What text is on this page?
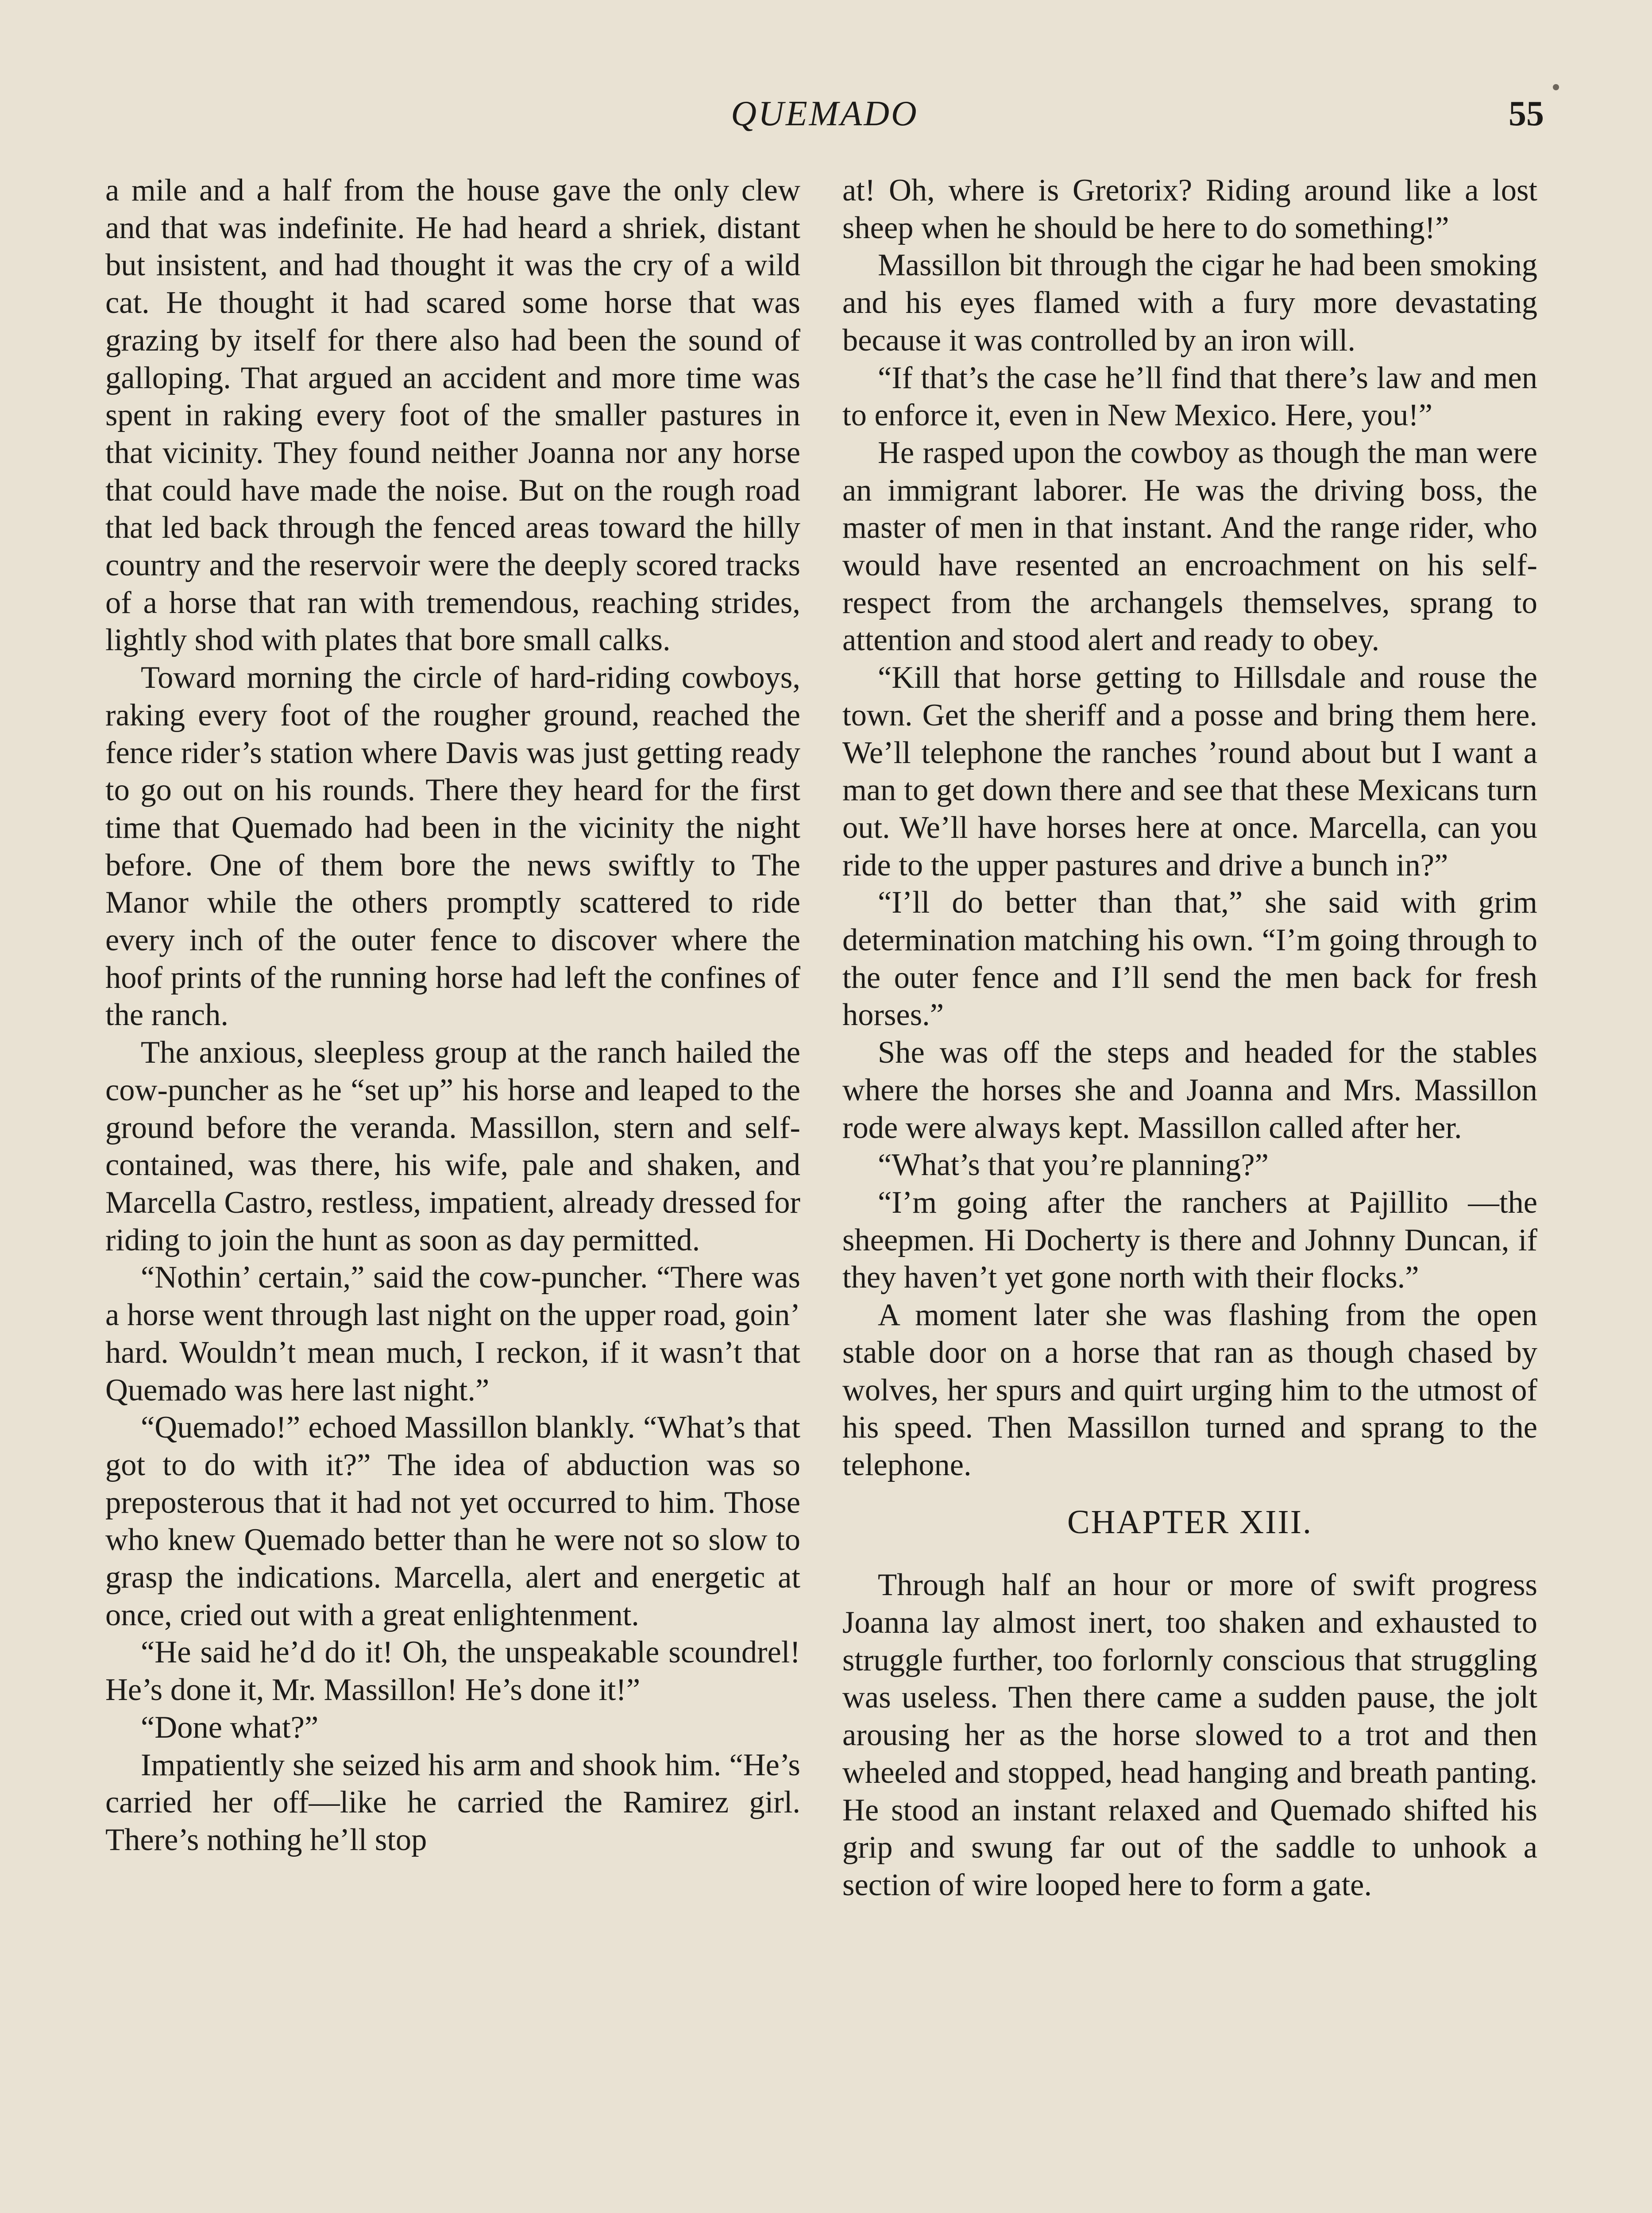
QUEMADO	55

a mile and a half from the house gave the only clew and that was indefinite. He had heard a shriek, distant but insistent, and had thought it was the cry of a wild cat. He thought it had scared some horse that was grazing by itself for there also had been the sound of galloping. That argued an accident and more time was spent in raking every foot of the smaller pastures in that vicinity. They found neither Joanna nor any horse that could have made the noise. But on the rough road that led back through the fenced areas toward the hilly country and the reservoir were the deeply scored tracks of a horse that ran with tremendous, reaching strides, lightly shod with plates that bore small calks.

Toward morning the circle of hard-riding cowboys, raking every foot of the rougher ground, reached the fence rider’s station where Davis was just getting ready to go out on his rounds. There they heard for the first time that Quemado had been in the vicinity the night before. One of them bore the news swiftly to The Manor while the others promptly scattered to ride every inch of the outer fence to discover where the hoof prints of the running horse had left the confines of the ranch.

The anxious, sleepless group at the ranch hailed the cow-puncher as he “set up” his horse and leaped to the ground before the veranda. Massillon, stern and self-contained, was there, his wife, pale and shaken, and Marcella Castro, restless, impatient, already dressed for riding to join the hunt as soon as day permitted.

“Nothin’ certain,” said the cow-puncher. “There was a horse went through last night on the upper road, goin’ hard. Wouldn’t mean much, I reckon, if it wasn’t that Quemado was here last night.”

“Quemado!” echoed Massillon blankly. “What’s that got to do with it?” The idea of abduction was so preposterous that it had not yet occurred to him. Those who knew Quemado better than he were not so slow to grasp the indications. Marcella, alert and energetic at once, cried out with a great enlightenment.

“He said he’d do it! Oh, the unspeakable scoundrel! He’s done it, Mr. Massillon! He’s done it!”

“Done what?”

Impatiently she seized his arm and shook him. “He’s carried her off—like he carried the Ramirez girl. There’s nothing he’ll stop

at! Oh, where is Gretorix? Riding around like a lost sheep when he should be here to do something!”

Massillon bit through the cigar he had been smoking and his eyes flamed with a fury more devastating because it was controlled by an iron will.

“If that’s the case he’ll find that there’s law and men to enforce it, even in New Mexico. Here, you!”

He rasped upon the cowboy as though the man were an immigrant laborer. He was the driving boss, the master of men in that instant. And the range rider, who would have resented an encroachment on his self-respect from the archangels themselves, sprang to attention and stood alert and ready to obey.

“Kill that horse getting to Hillsdale and rouse the town. Get the sheriff and a posse and bring them here. We’ll telephone the ranches ’round about but I want a man to get down there and see that these Mexicans turn out. We’ll have horses here at once. Marcella, can you ride to the upper pastures and drive a bunch in?”

“I’ll do better than that,” she said with grim determination matching his own. “I’m going through to the outer fence and I’ll send the men back for fresh horses.”

She was off the steps and headed for the stables where the horses she and Joanna and Mrs. Massillon rode were always kept. Massillon called after her.

“What’s that you’re planning?”

“I’m going after the ranchers at Pajillito —the sheepmen. Hi Docherty is there and Johnny Duncan, if they haven’t yet gone north with their flocks.”

A moment later she was flashing from the open stable door on a horse that ran as though chased by wolves, her spurs and quirt urging him to the utmost of his speed. Then Massillon turned and sprang to the telephone.

CHAPTER XIII.

Through half an hour or more of swift progress Joanna lay almost inert, too shaken and exhausted to struggle further, too forlornly conscious that struggling was useless. Then there came a sudden pause, the jolt arousing her as the horse slowed to a trot and then wheeled and stopped, head hanging and breath panting. He stood an instant relaxed and Quemado shifted his grip and swung far out of the saddle to unhook a section of wire looped here to form a gate.
